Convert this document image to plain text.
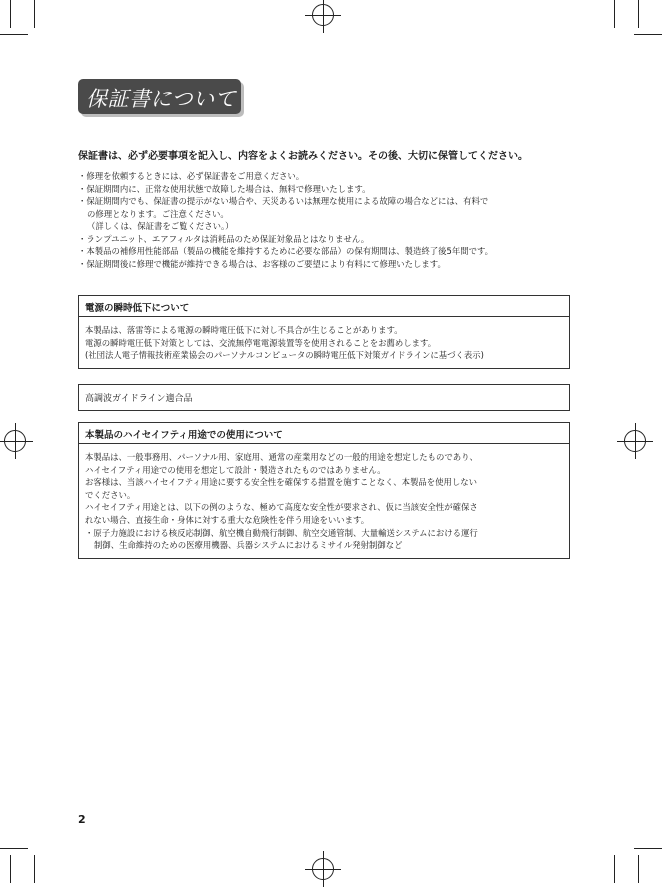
保証書について
保証書は、必ず必要事項を記入し、内容をよくお読みください。その後、大切に保管してください。
・修理を依頼するときには、必ず保証書をご用意ください。
・保証期間内に、正常な使用状態で故障した場合は、無料で修理いたします。
・保証期間内でも、保証書の提示がない場合や、天災あるいは無理な使用による故障の場合などには、有料で
の修理となります。ご注意ください。
（詳しくは、保証書をご覧ください。）
・ランプユニット、エアフィルタは消耗品のため保証対象品とはなりません。
・本製品の補修用性能部品（製品の機能を維持するために必要な部品）の保有期間は、製造終了後5年間です。
・保証期間後に修理で機能が維持できる場合は、お客様のご要望により有料にて修理いたします。
電源の瞬時低下について
本製品は、落雷等による電源の瞬時電圧低下に対し不具合が生じることがあります。
電源の瞬時電圧低下対策としては、交流無停電電源装置等を使用されることをお薦めします。
(社団法人電子情報技術産業協会のパーソナルコンピュータの瞬時電圧低下対策ガイドラインに基づく表示)
高調波ガイドライン適合品
本製品のハイセイフティ用途での使用について
本製品は、一般事務用、パーソナル用、家庭用、通常の産業用などの一般的用途を想定したものであり、
ハイセイフティ用途での使用を想定して設計・製造されたものではありません。
お客様は、当該ハイセイフティ用途に要する安全性を確保する措置を施すことなく、本製品を使用しない
でください。
ハイセイフティ用途とは、以下の例のような、極めて高度な安全性が要求され、仮に当該安全性が確保さ
れない場合、直接生命・身体に対する重大な危険性を伴う用途をいいます。
・原子力施設における核反応制御、航空機自動飛行制御、航空交通管制、大量輸送システムにおける運行
制御、生命維持のための医療用機器、兵器システムにおけるミサイル発射制御など
2
